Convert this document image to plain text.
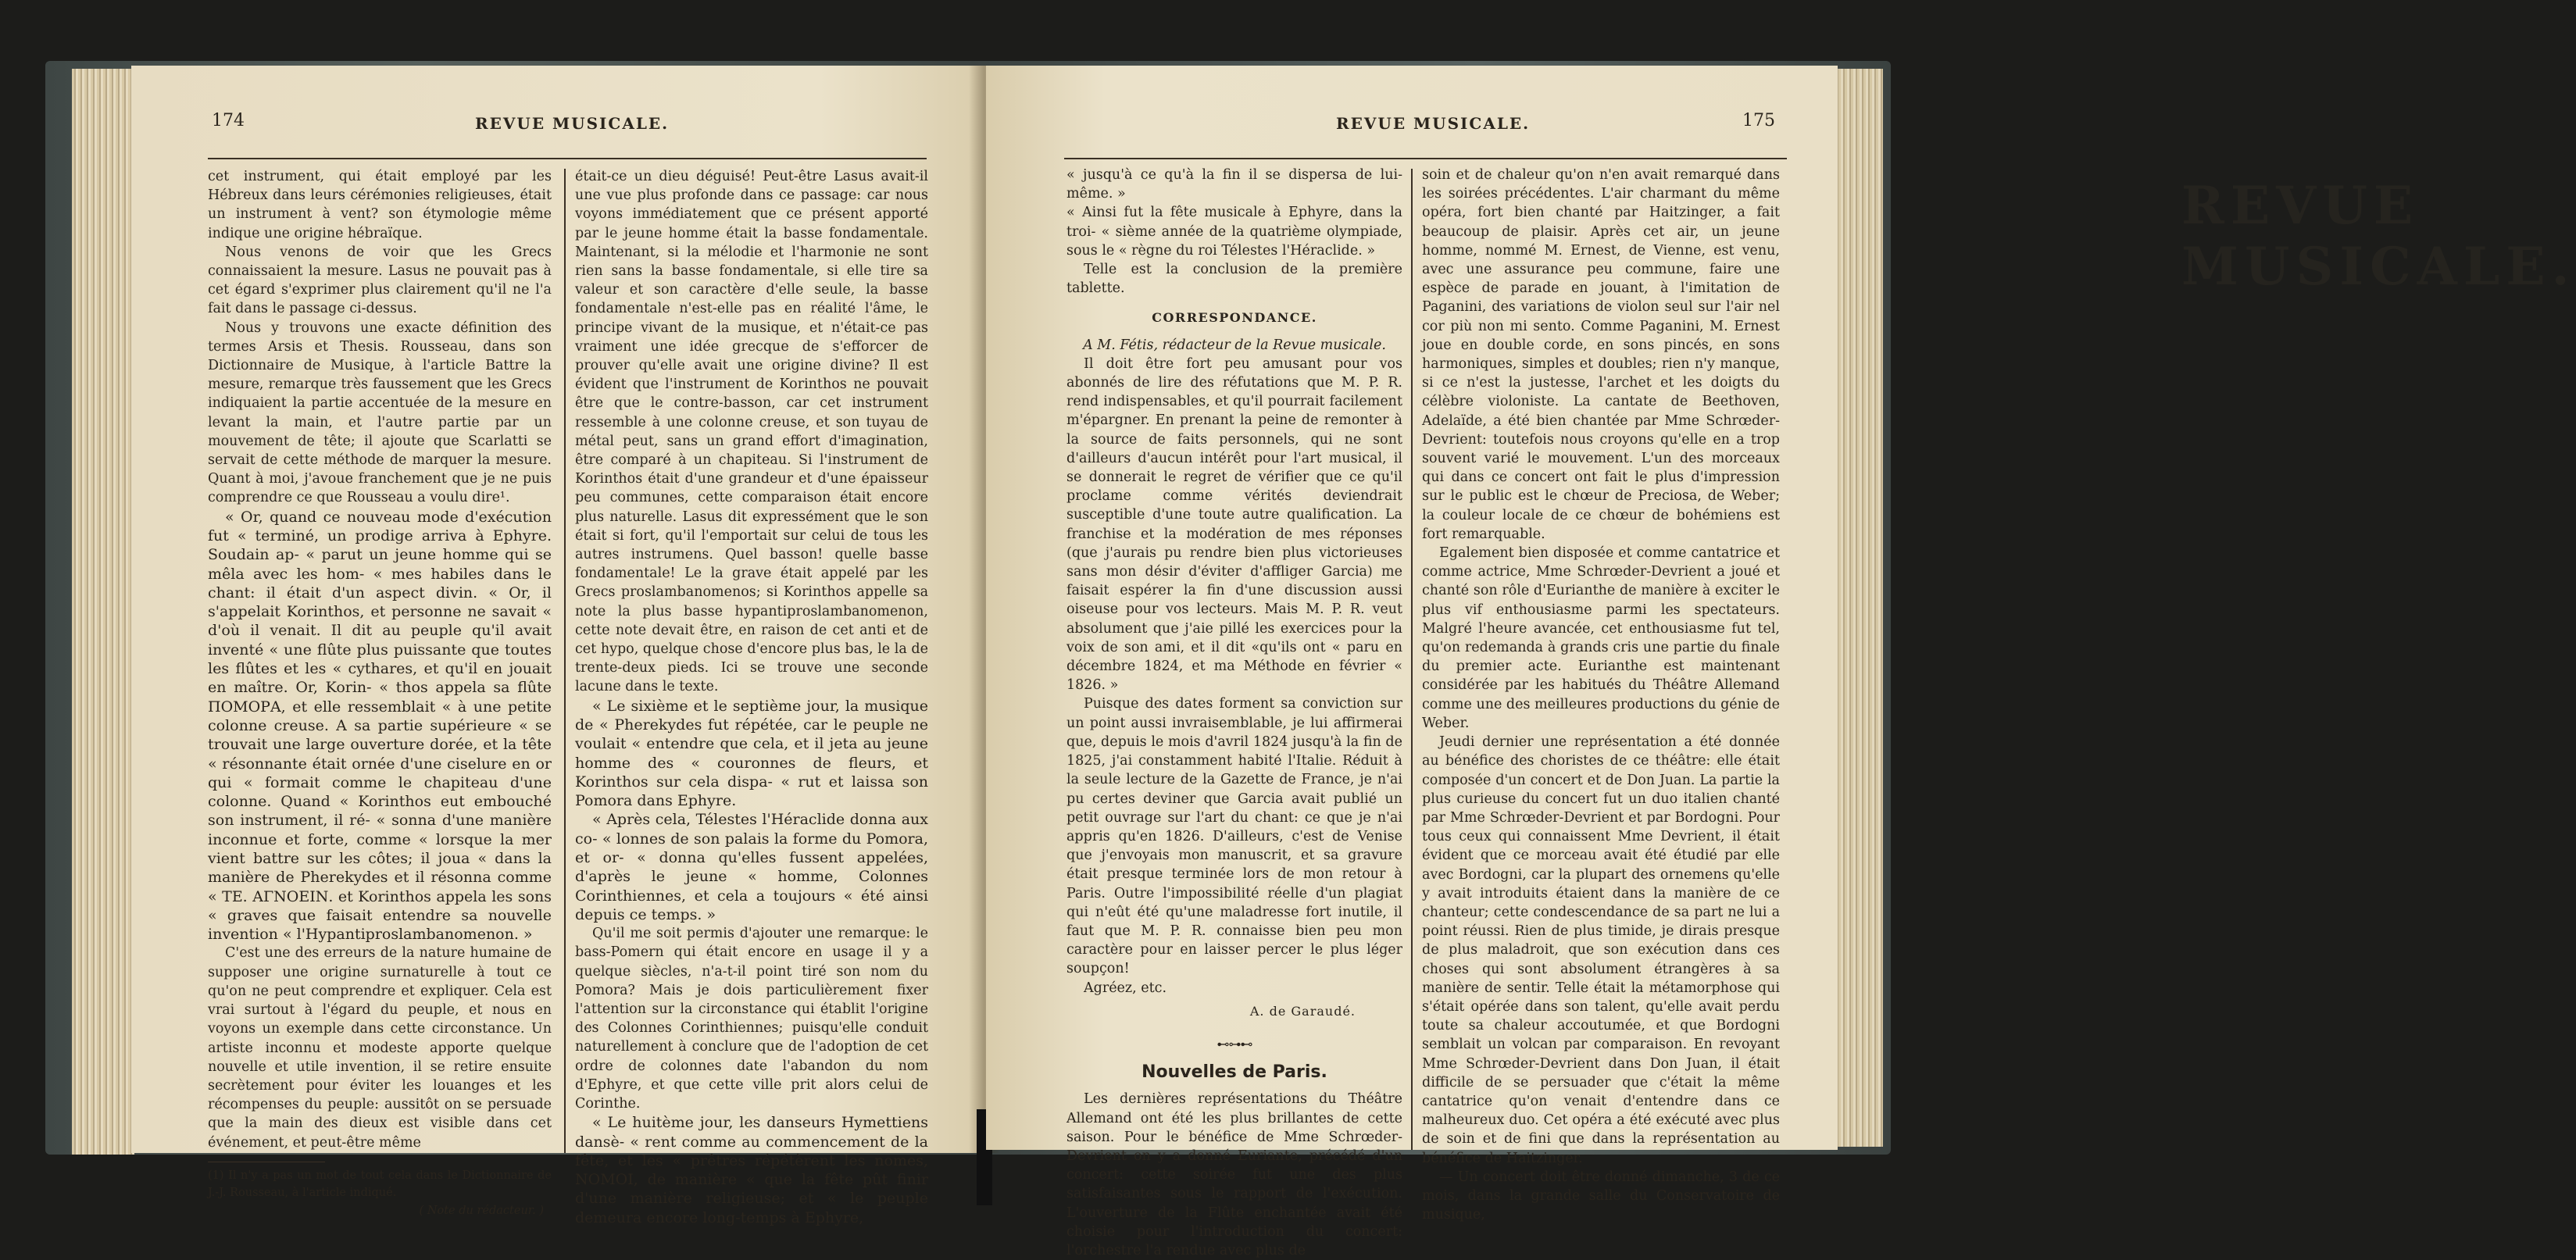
174	REVUE MUSICALE.

cet instrument, qui était employé par les Hébreux dans leurs cérémonies religieuses, était un instrument à vent? son étymologie même indique une origine hébraïque.

Nous venons de voir que les Grecs connaissaient la mesure. Lasus ne pouvait pas à cet égard s'exprimer plus clairement qu'il ne l'a fait dans le passage ci-dessus.

Nous y trouvons une exacte définition des termes Arsis et Thesis. Rousseau, dans son Dictionnaire de Musique, à l'article Battre la mesure, remarque très faussement que les Grecs indiquaient la partie accentuée de la mesure en levant la main, et l'autre partie par un mouvement de tête; il ajoute que Scarlatti se servait de cette méthode de marquer la mesure. Quant à moi, j'avoue franchement que je ne puis comprendre ce que Rousseau a voulu dire¹.

« Or, quand ce nouveau mode d'exécution fut « terminé, un prodige arriva à Ephyre. Soudain ap- « parut un jeune homme qui se mêla avec les hom- « mes habiles dans le chant: il était d'un aspect divin. « Or, il s'appelait Korinthos, et personne ne savait « d'où il venait. Il dit au peuple qu'il avait inventé « une flûte plus puissante que toutes les flûtes et les « cythares, et qu'il en jouait en maître. Or, Korin- « thos appela sa flûte ΠΟΜΟΡΑ, et elle ressemblait « à une petite colonne creuse. A sa partie supérieure « se trouvait une large ouverture dorée, et la tête « résonnante était ornée d'une ciselure en or qui « formait comme le chapiteau d'une colonne. Quand « Korinthos eut embouché son instrument, il ré- « sonna d'une manière inconnue et forte, comme « lorsque la mer vient battre sur les côtes; il joua « dans la manière de Pherekydes et il résonna comme « ΤΕ. ΑΓΝΟΕΙΝ. et Korinthos appela les sons « graves que faisait entendre sa nouvelle invention « l'Hypantiproslambanomenon. »

C'est une des erreurs de la nature humaine de supposer une origine surnaturelle à tout ce qu'on ne peut comprendre et expliquer. Cela est vrai surtout à l'égard du peuple, et nous en voyons un exemple dans cette circonstance. Un artiste inconnu et modeste apporte quelque nouvelle et utile invention, il se retire ensuite secrètement pour éviter les louanges et les récompenses du peuple: aussitôt on se persuade que la main des dieux est visible dans cet événement, et peut-être même

(1) Il n'y a pas un mot de tout cela dans le Dictionnaire de J.-J. Rousseau, à l'article indiqué.
( Note du rédacteur. )

était-ce un dieu déguisé! Peut-être Lasus avait-il une vue plus profonde dans ce passage: car nous voyons immédiatement que ce présent apporté par le jeune homme était la basse fondamentale. Maintenant, si la mélodie et l'harmonie ne sont rien sans la basse fondamentale, si elle tire sa valeur et son caractère d'elle seule, la basse fondamentale n'est-elle pas en réalité l'âme, le principe vivant de la musique, et n'était-ce pas vraiment une idée grecque de s'efforcer de prouver qu'elle avait une origine divine? Il est évident que l'instrument de Korinthos ne pouvait être que le contre-basson, car cet instrument ressemble à une colonne creuse, et son tuyau de métal peut, sans un grand effort d'imagination, être comparé à un chapiteau. Si l'instrument de Korinthos était d'une grandeur et d'une épaisseur peu communes, cette comparaison était encore plus naturelle. Lasus dit expressément que le son était si fort, qu'il l'emportait sur celui de tous les autres instrumens. Quel basson! quelle basse fondamentale! Le la grave était appelé par les Grecs proslambanomenos; si Korinthos appelle sa note la plus basse hypantiproslambanomenon, cette note devait être, en raison de cet anti et de cet hypo, quelque chose d'encore plus bas, le la de trente-deux pieds. Ici se trouve une seconde lacune dans le texte.

« Le sixième et le septième jour, la musique de « Pherekydes fut répétée, car le peuple ne voulait « entendre que cela, et il jeta au jeune homme des « couronnes de fleurs, et Korinthos sur cela dispa- « rut et laissa son Pomora dans Ephyre.

« Après cela, Télestes l'Héraclide donna aux co- « lonnes de son palais la forme du Pomora, et or- « donna qu'elles fussent appelées, d'après le jeune « homme, Colonnes Corinthiennes, et cela a toujours « été ainsi depuis ce temps. »

Qu'il me soit permis d'ajouter une remarque: le bass-Pomern qui était encore en usage il y a quelque siècles, n'a-t-il point tiré son nom du Pomora? Mais je dois particulièrement fixer l'attention sur la circonstance qui établit l'origine des Colonnes Corinthiennes; puisqu'elle conduit naturellement à conclure que de l'adoption de cet ordre de colonnes date l'abandon du nom d'Ephyre, et que cette ville prit alors celui de Corinthe.

« Le huitème jour, les danseurs Hymettiens dansè- « rent comme au commencement de la fête, et les « prêtres répétèrent les nomes, ΝΟΜΟΙ, de manière « que la fête pût finir d'une manière religieuse; et « le peuple demeura encore long-temps à Ephyre,

REVUE MUSICALE.
REVUE MUSICALE.	175

« jusqu'à ce qu'à la fin il se dispersa de lui-même. »

« Ainsi fut la fête musicale à Ephyre, dans la troi- « sième année de la quatrième olympiade, sous le « règne du roi Télestes l'Héraclide. »

Telle est la conclusion de la première tablette.

CORRESPONDANCE.

A M. Fétis, rédacteur de la Revue musicale.

Il doit être fort peu amusant pour vos abonnés de lire des réfutations que M. P. R. rend indispensables, et qu'il pourrait facilement m'épargner. En prenant la peine de remonter à la source de faits personnels, qui ne sont d'ailleurs d'aucun intérêt pour l'art musical, il se donnerait le regret de vérifier que ce qu'il proclame comme vérités deviendrait susceptible d'une toute autre qualification. La franchise et la modération de mes réponses (que j'aurais pu rendre bien plus victorieuses sans mon désir d'éviter d'affliger Garcia) me faisait espérer la fin d'une discussion aussi oiseuse pour vos lecteurs. Mais M. P. R. veut absolument que j'aie pillé les exercices pour la voix de son ami, et il dit «qu'ils ont « paru en décembre 1824, et ma Méthode en février « 1826. »

Puisque des dates forment sa conviction sur un point aussi invraisemblable, je lui affirmerai que, depuis le mois d'avril 1824 jusqu'à la fin de 1825, j'ai constamment habité l'Italie. Réduit à la seule lecture de la Gazette de France, je n'ai pu certes deviner que Garcia avait publié un petit ouvrage sur l'art du chant: ce que je n'ai appris qu'en 1826. D'ailleurs, c'est de Venise que j'envoyais mon manuscrit, et sa gravure était presque terminée lors de mon retour à Paris. Outre l'impossibilité réelle d'un plagiat qui n'eût été qu'une maladresse fort inutile, il faut que M. P. R. connaisse bien peu mon caractère pour en laisser percer le plus léger soupçon!

Agréez, etc.

A. de Garaudé.
⊷⊶⊷
Nouvelles de Paris.

Les dernières représentations du Théâtre Allemand ont été les plus brillantes de cette saison. Pour le bénéfice de Mme Schrœder-Devrient on y a donné Euriante, précédé d'un concert: cette soirée fut une des plus satisfaisantes sous le rapport de l'exécution. L'ouverture de la Flûte enchantée avait été choisie pour l'introduction du concert: l'orchestre l'a rendue avec plus de

soin et de chaleur qu'on n'en avait remarqué dans les soirées précédentes. L'air charmant du même opéra, fort bien chanté par Haitzinger, a fait beaucoup de plaisir. Après cet air, un jeune homme, nommé M. Ernest, de Vienne, est venu, avec une assurance peu commune, faire une espèce de parade en jouant, à l'imitation de Paganini, des variations de violon seul sur l'air nel cor più non mi sento. Comme Paganini, M. Ernest joue en double corde, en sons pincés, en sons harmoniques, simples et doubles; rien n'y manque, si ce n'est la justesse, l'archet et les doigts du célèbre violoniste. La cantate de Beethoven, Adelaïde, a été bien chantée par Mme Schrœder-Devrient: toutefois nous croyons qu'elle en a trop souvent varié le mouvement. L'un des morceaux qui dans ce concert ont fait le plus d'impression sur le public est le chœur de Preciosa, de Weber; la couleur locale de ce chœur de bohémiens est fort remarquable.

Egalement bien disposée et comme cantatrice et comme actrice, Mme Schrœder-Devrient a joué et chanté son rôle d'Eurianthe de manière à exciter le plus vif enthousiasme parmi les spectateurs. Malgré l'heure avancée, cet enthousiasme fut tel, qu'on redemanda à grands cris une partie du finale du premier acte. Eurianthe est maintenant considérée par les habitués du Théâtre Allemand comme une des meilleures productions du génie de Weber.

Jeudi dernier une représentation a été donnée au bénéfice des choristes de ce théâtre: elle était composée d'un concert et de Don Juan. La partie la plus curieuse du concert fut un duo italien chanté par Mme Schrœder-Devrient et par Bordogni. Pour tous ceux qui connaissent Mme Devrient, il était évident que ce morceau avait été étudié par elle avec Bordogni, car la plupart des ornemens qu'elle y avait introduits étaient dans la manière de ce chanteur; cette condescendance de sa part ne lui a point réussi. Rien de plus timide, je dirais presque de plus maladroit, que son exécution dans ces choses qui sont absolument étrangères à sa manière de sentir. Telle était la métamorphose qui s'était opérée dans son talent, qu'elle avait perdu toute sa chaleur accoutumée, et que Bordogni semblait un volcan par comparaison. En revoyant Mme Schrœder-Devrient dans Don Juan, il était difficile de se persuader que c'était la même cantatrice qu'on venait d'entendre dans ce malheureux duo. Cet opéra a été exécuté avec plus de soin et de fini que dans la représentation au bénéfice de Haitzinger.

— Un concert doit être donné dimanche, 3 de ce mois, dans la grande salle du Conservatoire de musique,
